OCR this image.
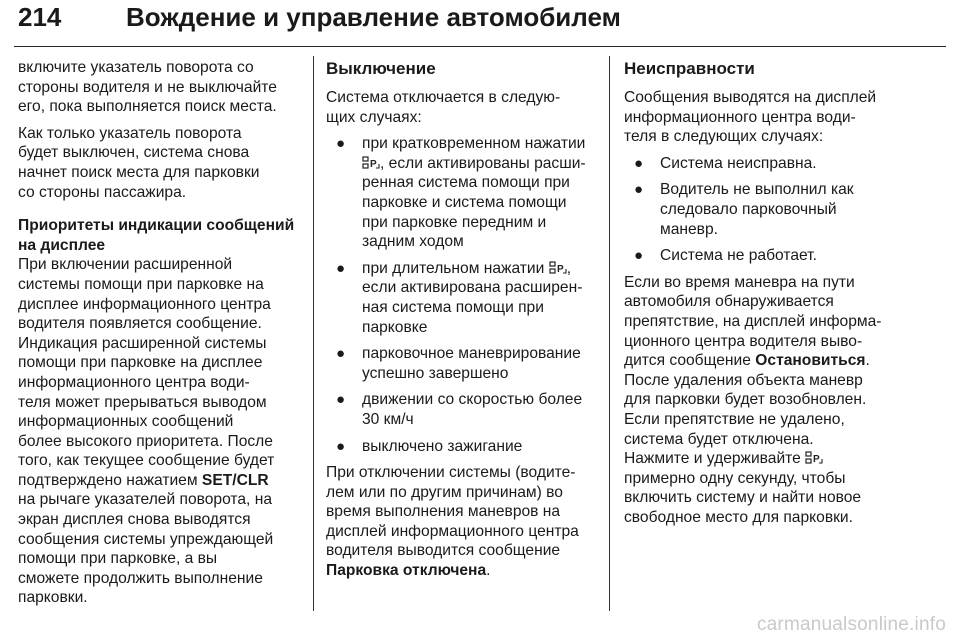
214 Вождение и управление автомобилем
включите указатель поворота со
стороны водителя и не выключайте
его, пока выполняется поиск места.
Как только указатель поворота
будет выключен, система снова
начнет поиск места для парковки
со стороны пассажира.
Приоритеты индикации сообщений
на дисплее
При включении расширенной
системы помощи при парковке на
дисплее информационного центра
водителя появляется сообщение.
Индикация расширенной системы
помощи при парковке на дисплее
информационного центра води-
теля может прерываться выводом
информационных сообщений
более высокого приоритета. После
того, как текущее сообщение будет
подтверждено нажатием SET/CLR
на рычаге указателей поворота, на
экран дисплея снова выводятся
сообщения системы упреждающей
помощи при парковке, а вы
сможете продолжить выполнение
парковки.
Выключение
Система отключается в следую-
щих случаях:
● при кратковременном нажатии
P , если активированы расши-
ренная система помощи при
парковке и система помощи
при парковке передним и
задним ходом
● при длительном нажатии P ,
если активирована расширен-
ная система помощи при
парковке
● парковочное маневрирование
успешно завершено
● движении со скоростью более
30 км/ч
● выключено зажигание
При отключении системы (водите-
лем или по другим причинам) во
время выполнения маневров на
дисплей информационного центра
водителя выводится сообщение
Парковка отключена.
Неисправности
Сообщения выводятся на дисплей
информационного центра води-
теля в следующих случаях:
● Система неисправна.
● Водитель не выполнил как
следовало парковочный
маневр.
● Система не работает.
Если во время маневра на пути
автомобиля обнаруживается
препятствие, на дисплей информа-
ционного центра водителя выво-
дится сообщение Остановиться.
После удаления объекта маневр
для парковки будет возобновлен.
Если препятствие не удалено,
система будет отключена.
Нажмите и удерживайте P
примерно одну секунду, чтобы
включить систему и найти новое
свободное место для парковки.
carmanualsonline.info
